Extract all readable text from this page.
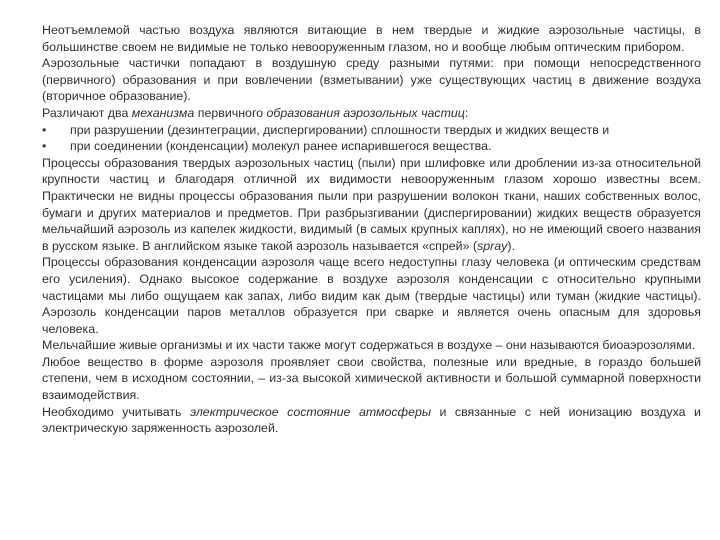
Неотъемлемой частью воздуха являются витающие в нем твердые и жидкие аэрозольные частицы, в большинстве своем не видимые не только невооруженным глазом, но и вообще любым оптическим прибором.

Аэрозольные частички попадают в воздушную среду разными путями: при помощи непосредственного (первичного) образования и при вовлечении (взметывании) уже существующих частиц в движение воздуха (вторичное образование).

Различают два механизма первичного образования аэрозольных частиц:

•	при разрушении (дезинтеграции, диспергировании) сплошности твердых и жидких веществ и
•	при соединении (конденсации) молекул ранее испарившегося вещества.

Процессы образования твердых аэрозольных частиц (пыли) при шлифовке или дроблении из-за относительной крупности частиц и благодаря отличной их видимости невооруженным глазом хорошо известны всем. Практически не видны процессы образования пыли при разрушении волокон ткани, наших собственных волос, бумаги и других материалов и предметов. При разбрызгивании (диспергировании) жидких веществ образуется мельчайший аэрозоль из капелек жидкости, видимый (в самых крупных каплях), но не имеющий своего названия в русском языке. В английском языке такой аэрозоль называется «спрей» (spray).

Процессы образования конденсации аэрозоля чаще всего недоступны глазу человека (и оптическим средствам его усиления). Однако высокое содержание в воздухе аэрозоля конденсации с относительно крупными частицами мы либо ощущаем как запах, либо видим как дым (твердые частицы) или туман (жидкие частицы). Аэрозоль конденсации паров металлов образуется при сварке и является очень опасным для здоровья человека.

Мельчайшие живые организмы и их части также могут содержаться в воздухе – они называются биоаэрозолями.

Любое вещество в форме аэрозоля проявляет свои свойства, полезные или вредные, в гораздо большей степени, чем в исходном состоянии, – из-за высокой химической активности и большой суммарной поверхности взаимодействия.

Необходимо учитывать электрическое состояние атмосферы и связанные с ней ионизацию воздуха и электрическую заряженность аэрозолей.
